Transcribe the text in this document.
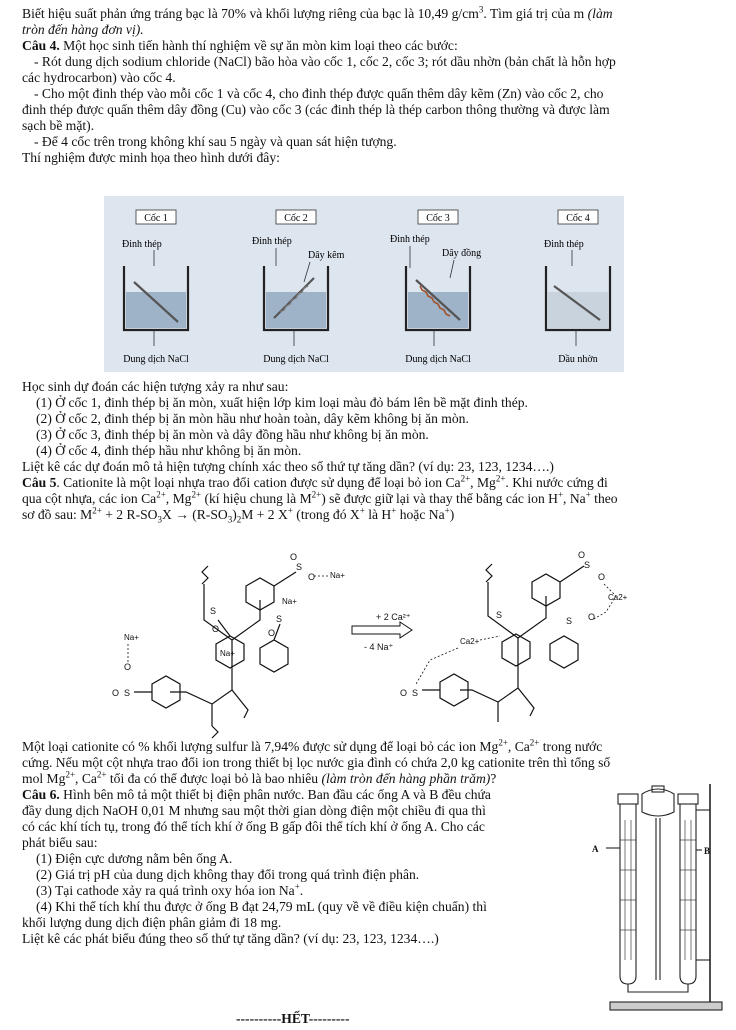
Biết hiệu suất phản ứng tráng bạc là 70% và khối lượng riêng của bạc là 10,49 $g/cm^3$. Tìm giá trị của m (làm
tròn đến hàng đơn vị).
Câu 4. Một học sinh tiến hành thí nghiệm về sự ăn mòn kim loại theo các bước:
- Rót dung dịch sodium chloride (NaCl) bão hòa vào cốc 1, cốc 2, cốc 3; rót dầu nhờn (bản chất là hỗn hợp
các hydrocarbon) vào cốc 4.
- Cho một đinh thép vào mỗi cốc 1 và cốc 4, cho đinh thép được quấn thêm dây kẽm (Zn) vào cốc 2, cho
đinh thép được quấn thêm dây đồng (Cu) vào cốc 3 (các đinh thép là thép carbon thông thường và được làm
sạch bề mặt).
- Để 4 cốc trên trong không khí sau 5 ngày và quan sát hiện tượng.
Thí nghiệm được minh họa theo hình dưới đây:
Cốc 1
Đinh thép
Dung dịch NaCl
Cốc 2
Đinh thép
Dây kẽm
Dung dịch NaCl
Cốc 3
Đinh thép
Dây đồng
Dung dịch NaCl
Cốc 4
Đinh thép
Dầu nhờn
Học sinh dự đoán các hiện tượng xảy ra như sau:
(1) Ở cốc 1, đinh thép bị ăn mòn, xuất hiện lớp kim loại màu đỏ bám lên bề mặt đinh thép.
(2) Ở cốc 2, đinh thép bị ăn mòn hầu như hoàn toàn, dây kẽm không bị ăn mòn.
(3) Ở cốc 3, đinh thép bị ăn mòn và dây đồng hầu như không bị ăn mòn.
(4) Ở cốc 4, đinh thép hầu như không bị ăn mòn.
Liệt kê các dự đoán mô tả hiện tượng chính xác theo số thứ tự tăng dần? (ví dụ: 23, 123, 1234….)
Câu 5. Cationite là một loại nhựa trao đổi cation được sử dụng để loại bỏ ion $Ca^{2+}$, $Mg^{2+}$. Khi nước cứng đi
qua cột nhựa, các ion $Ca^{2+}$, $Mg^{2+}$ (kí hiệu chung là $M^{2+}$) sẽ được giữ lại và thay thế bằng các ion H+, Na+ theo
sơ đồ sau: $M^{2+} + 2$ $R-SO_3X \to (R-SO_3)_2M + 2$ X+ (trong đó X+ là H+ hoặc Na+)
S
O
O Na+
Na+
S
O
S
O
Na+
Na+
O
S
O
+ 2 Ca²⁺
- 4 Na⁺
S
O
O
Ca2+
S
S O
Ca2+
S
O
Một loại cationite có % khối lượng sulfur là 7,94% được sử dụng để loại bỏ các ion $Mg^{2+}$, $Ca^{2+}$ trong nước
cứng. Nếu một cột nhựa trao đổi ion trong thiết bị lọc nước gia đình có chứa 2,0 kg cationite trên thì tổng số
mol $Mg^{2+}$, $Ca^{2+}$ tối đa có thể được loại bỏ là bao nhiêu (làm tròn đến hàng phần trăm)?
Câu 6. Hình bên mô tả một thiết bị điện phân nước. Ban đầu các ống A và B đều chứa
đầy dung dịch NaOH 0,01 M nhưng sau một thời gian dòng điện một chiều đi qua thì
có các khí tích tụ, trong đó thể tích khí ở ống B gấp đôi thể tích khí ở ống A. Cho các
phát biểu sau:
(1) Điện cực dương nằm bên ống A.
(2) Giá trị pH của dung dịch không thay đổi trong quá trình điện phân.
(3) Tại cathode xảy ra quá trình oxy hóa ion Na+.
(4) Khi thể tích khí thu được ở ống B đạt 24,79 mL (quy về về điều kiện chuẩn) thì
khối lượng dung dịch điện phân giảm đi 18 mg.
Liệt kê các phát biểu đúng theo số thứ tự tăng dần? (ví dụ: 23, 123, 1234….)
A	B
----------HẾT---------
